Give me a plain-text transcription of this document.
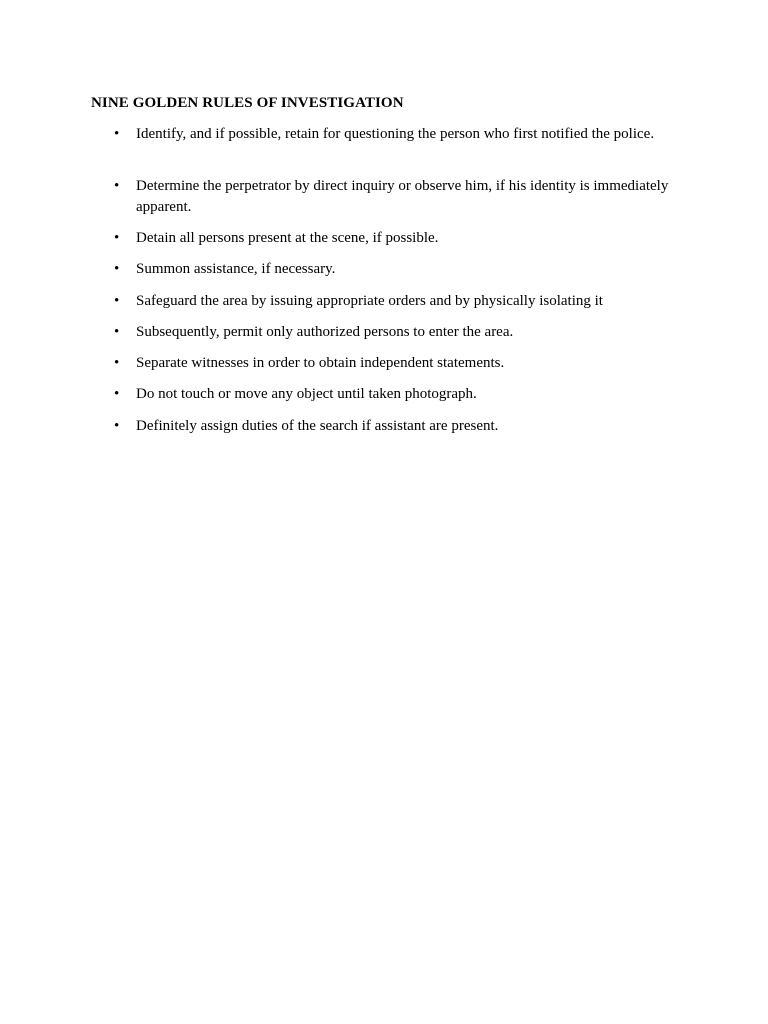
NINE GOLDEN RULES OF INVESTIGATION
•	Identify, and if possible, retain for questioning the person who first notified the police.
•	Determine the perpetrator by direct inquiry or observe him, if his identity is immediately apparent.
•	Detain all persons present at the scene, if possible.
•	Summon assistance, if necessary.
•	Safeguard the area by issuing appropriate orders and by physically isolating it
•	Subsequently, permit only authorized persons to enter the area.
•	Separate witnesses in order to obtain independent statements.
•	Do not touch or move any object until taken photograph.
•	Definitely assign duties of the search if assistant are present.
